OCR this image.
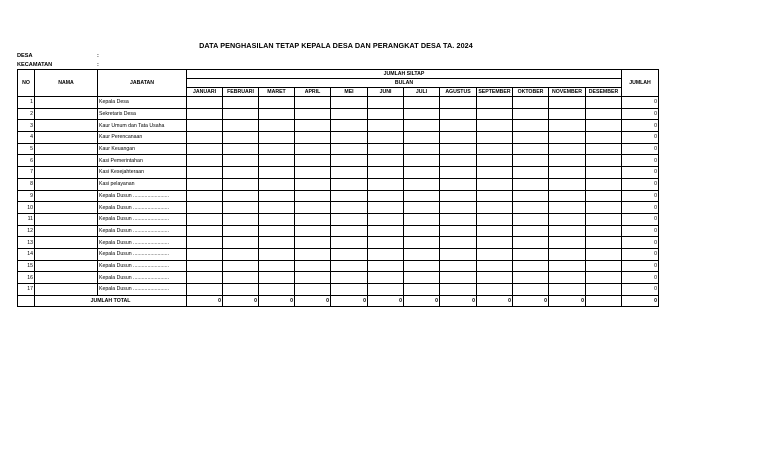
DATA PENGHASILAN TETAP KEPALA DESA DAN PERANGKAT DESA TA. 2024
DESA	:
KECAMATAN	:
NO	NAMA	JABATAN	JUMLAH SILTAP												JUMLAH
			BULAN												
			JANUARI	FEBRUARI	MARET	APRIL	MEI	JUNI	JULI	AGUSTUS	SEPTEMBER	OKTOBER	NOVEMBER	DESEMBER	
1		Kepala Desa													0
2		Sekretaris Desa													0
3		Kaur Umum dan Tata Usaha													0
4		Kaur Perencanaan													0
5		Kaur Keuangan													0
6		Kasi Pemerintahan													0
7		Kasi Kesejahteraan													0
8		Kasi pelayanan													0
9		Kepala Dusun .........................													0
10		Kepala Dusun .........................													0
11		Kepala Dusun .........................													0
12		Kepala Dusun .........................													0
13		Kepala Dusun .........................													0
14		Kepala Dusun .........................													0
15		Kepala Dusun .........................													0
16		Kepala Dusun .........................													0
17		Kepala Dusun .........................													0
	JUMLAH TOTAL		0	0	0	0	0	0	0	0	0	0	0		0
